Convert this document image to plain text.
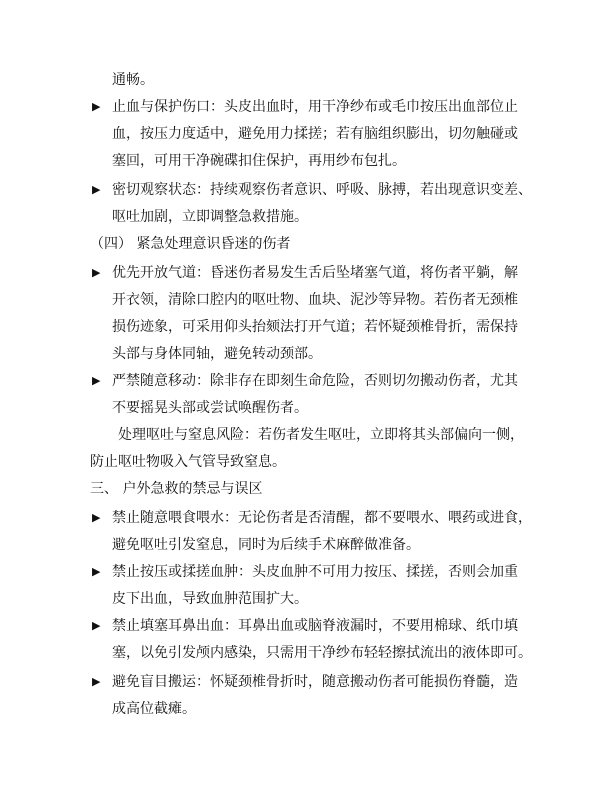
通畅。
▶ 止血与保护伤口：头皮出血时，用干净纱布或毛巾按压出血部位止
血，按压力度适中，避免用力揉搓；若有脑组织膨出，切勿触碰或
塞回，可用干净碗碟扣住保护，再用纱布包扎。
▶ 密切观察状态：持续观察伤者意识、呼吸、脉搏，若出现意识变差、
呕吐加剧，立即调整急救措施。
（四） 紧急处理意识昏迷的伤者
▶ 优先开放气道：昏迷伤者易发生舌后坠堵塞气道，将伤者平躺，解
开衣领，清除口腔内的呕吐物、血块、泥沙等异物。若伤者无颈椎
损伤迹象，可采用仰头抬颏法打开气道；若怀疑颈椎骨折，需保持
头部与身体同轴，避免转动颈部。
▶ 严禁随意移动：除非存在即刻生命危险，否则切勿搬动伤者，尤其
不要摇晃头部或尝试唤醒伤者。
处理呕吐与窒息风险：若伤者发生呕吐，立即将其头部偏向一侧，
防止呕吐物吸入气管导致窒息。
三、 户外急救的禁忌与误区
▶ 禁止随意喂食喂水：无论伤者是否清醒，都不要喂水、喂药或进食，
避免呕吐引发窒息，同时为后续手术麻醉做准备。
▶ 禁止按压或揉搓血肿：头皮血肿不可用力按压、揉搓，否则会加重
皮下出血，导致血肿范围扩大。
▶ 禁止填塞耳鼻出血：耳鼻出血或脑脊液漏时，不要用棉球、纸巾填
塞，以免引发颅内感染，只需用干净纱布轻轻擦拭流出的液体即可。
▶ 避免盲目搬运：怀疑颈椎骨折时，随意搬动伤者可能损伤脊髓，造
成高位截瘫。
